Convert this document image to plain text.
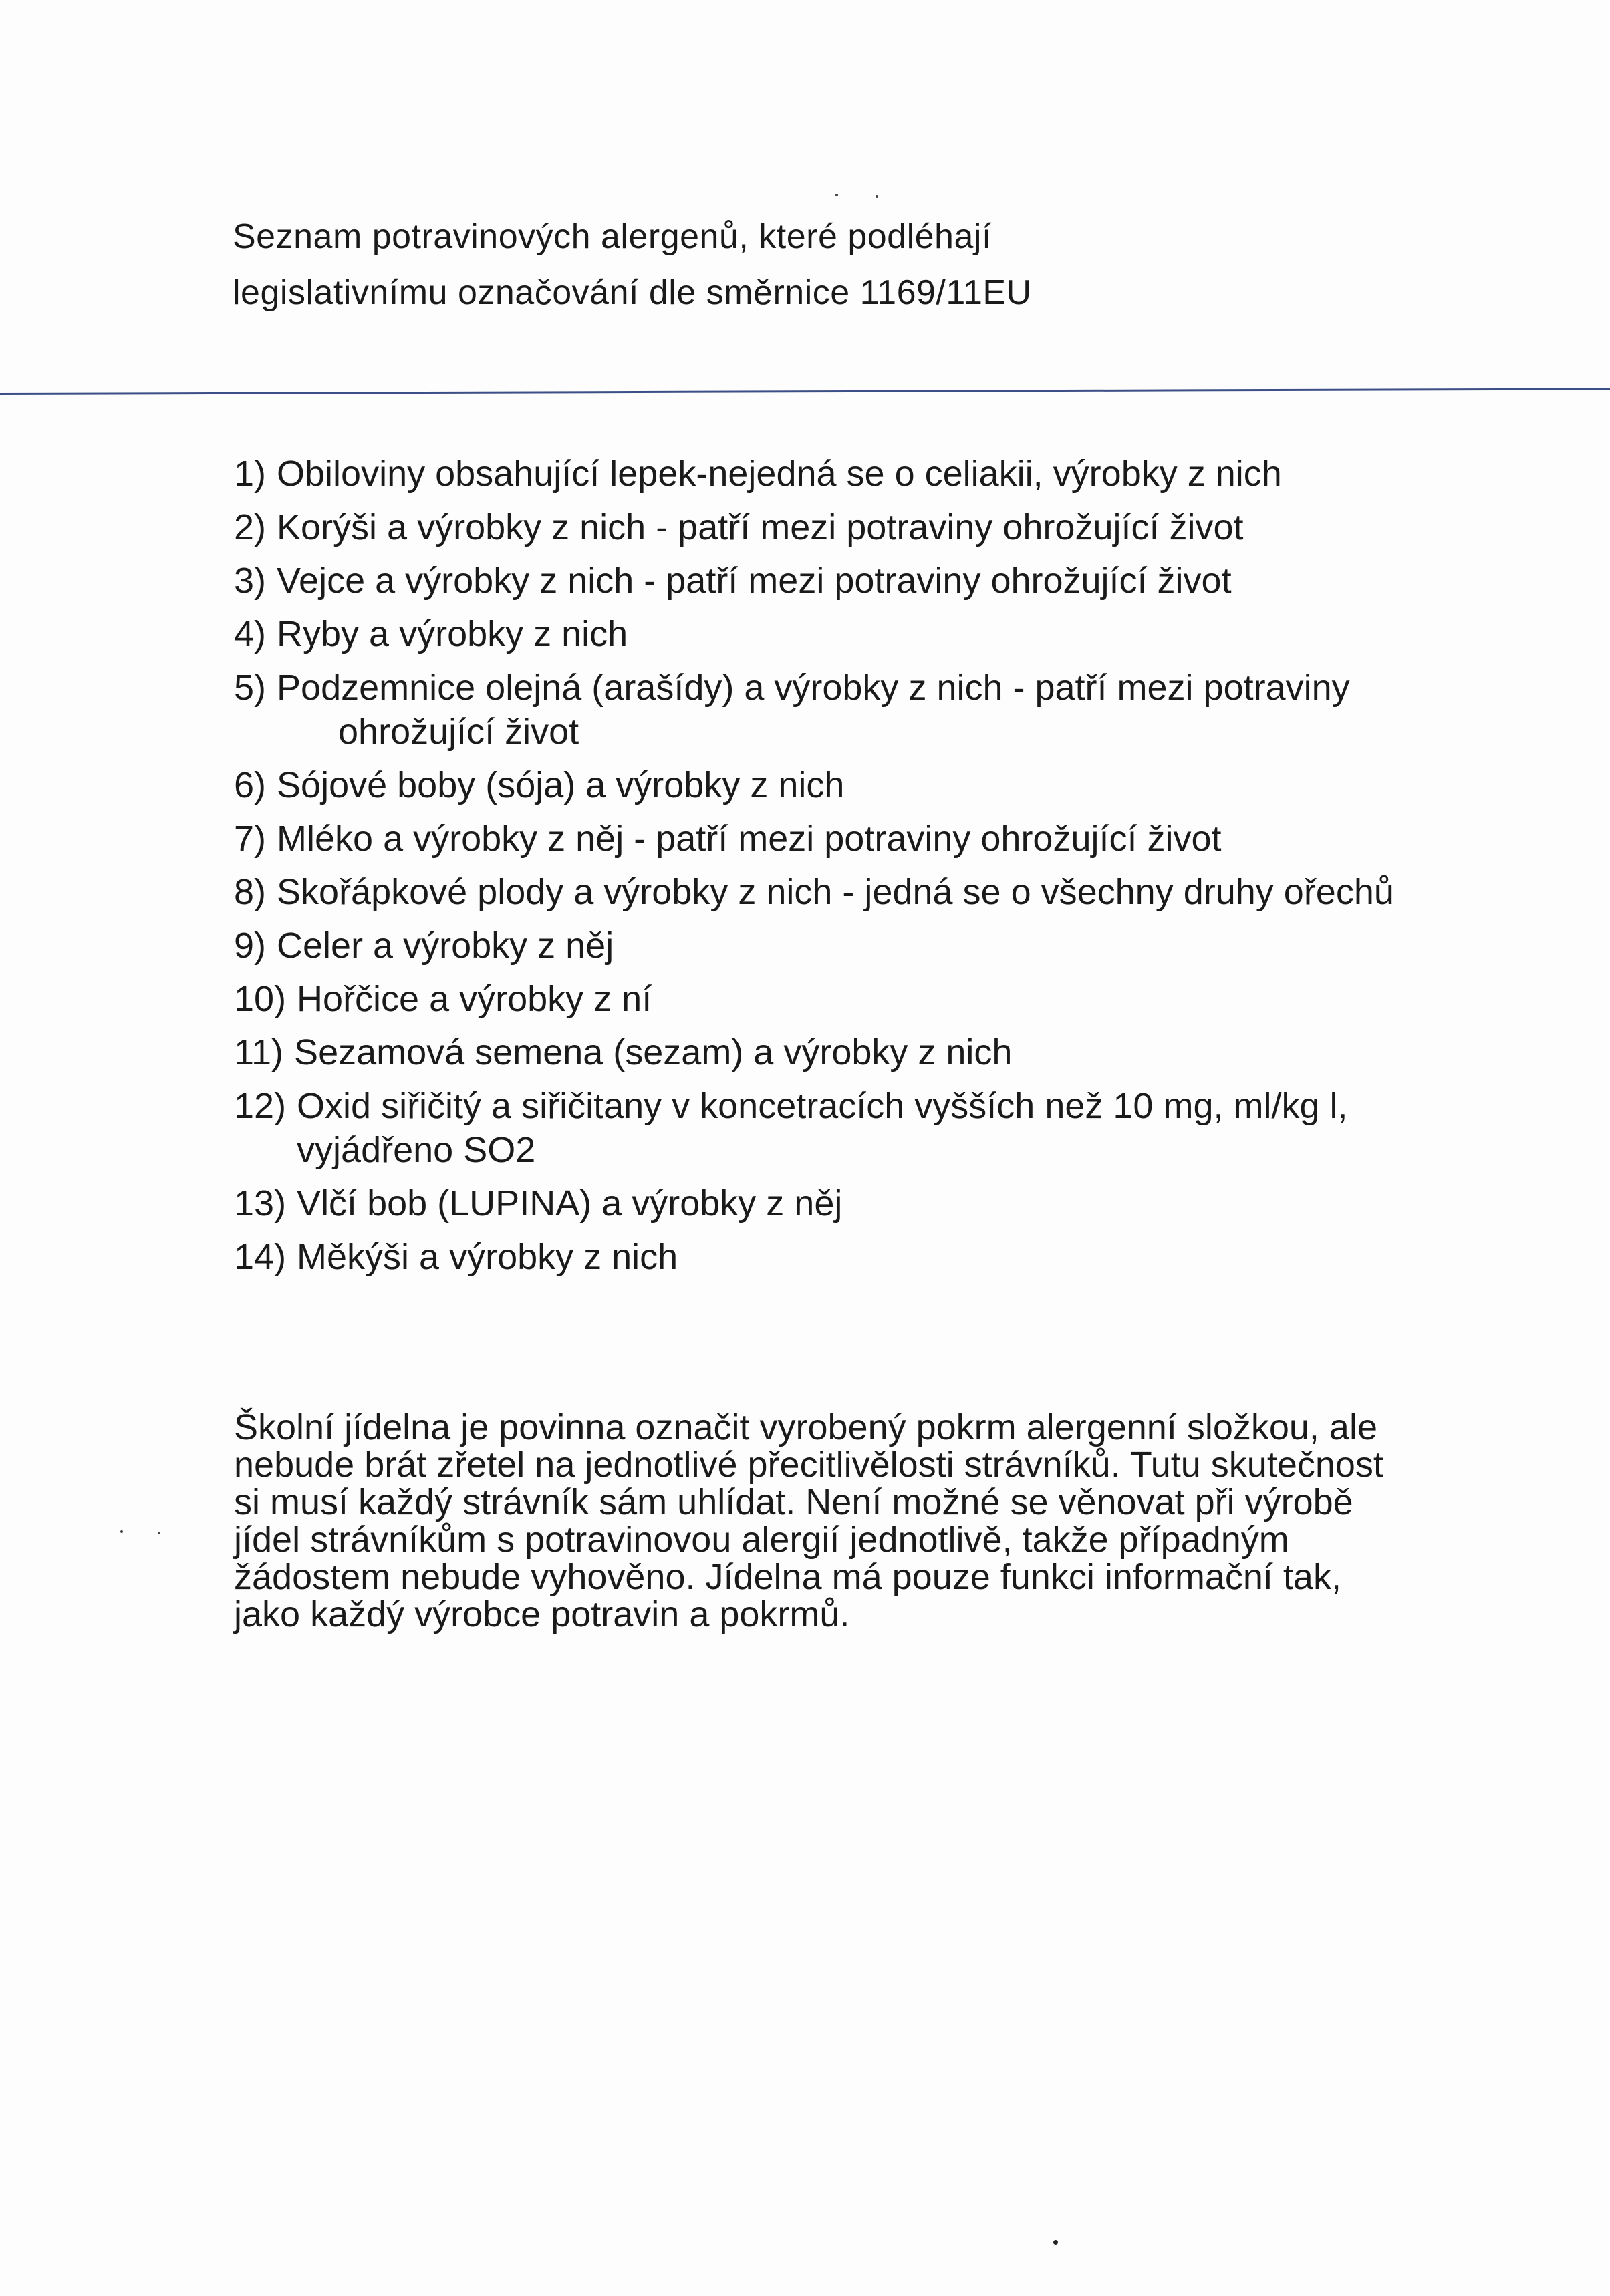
Seznam potravinových alergenů, které podléhají
legislativnímu označování dle směrnice 1169/11EU
1) Obiloviny obsahující lepek-nejedná se o celiakii, výrobky z nich
2) Korýši a výrobky z nich - patří mezi potraviny ohrožující život
3) Vejce a výrobky z nich - patří mezi potraviny ohrožující život
4) Ryby a výrobky z nich
5) Podzemnice olejná (arašídy) a výrobky z nich - patří mezi potraviny
ohrožující život
6) Sójové boby (sója) a výrobky z nich
7) Mléko a výrobky z něj - patří mezi potraviny ohrožující život
8) Skořápkové plody a výrobky z nich - jedná se o všechny druhy ořechů
9) Celer a výrobky z něj
10) Hořčice a výrobky z ní
11) Sezamová semena (sezam) a výrobky z nich
12) Oxid siřičitý a siřičitany v koncetracích vyšších než 10 mg, ml/kg l,
vyjádřeno SO2
13) Vlčí bob (LUPINA) a výrobky z něj
14) Měkýši a výrobky z nich
Školní jídelna je povinna označit vyrobený pokrm alergenní složkou, ale
nebude brát zřetel na jednotlivé přecitlivělosti strávníků. Tutu skutečnost
si musí každý strávník sám uhlídat. Není možné se věnovat při výrobě
jídel strávníkům s potravinovou alergií jednotlivě, takže případným
žádostem nebude vyhověno. Jídelna má pouze funkci informační tak,
jako každý výrobce potravin a pokrmů.
